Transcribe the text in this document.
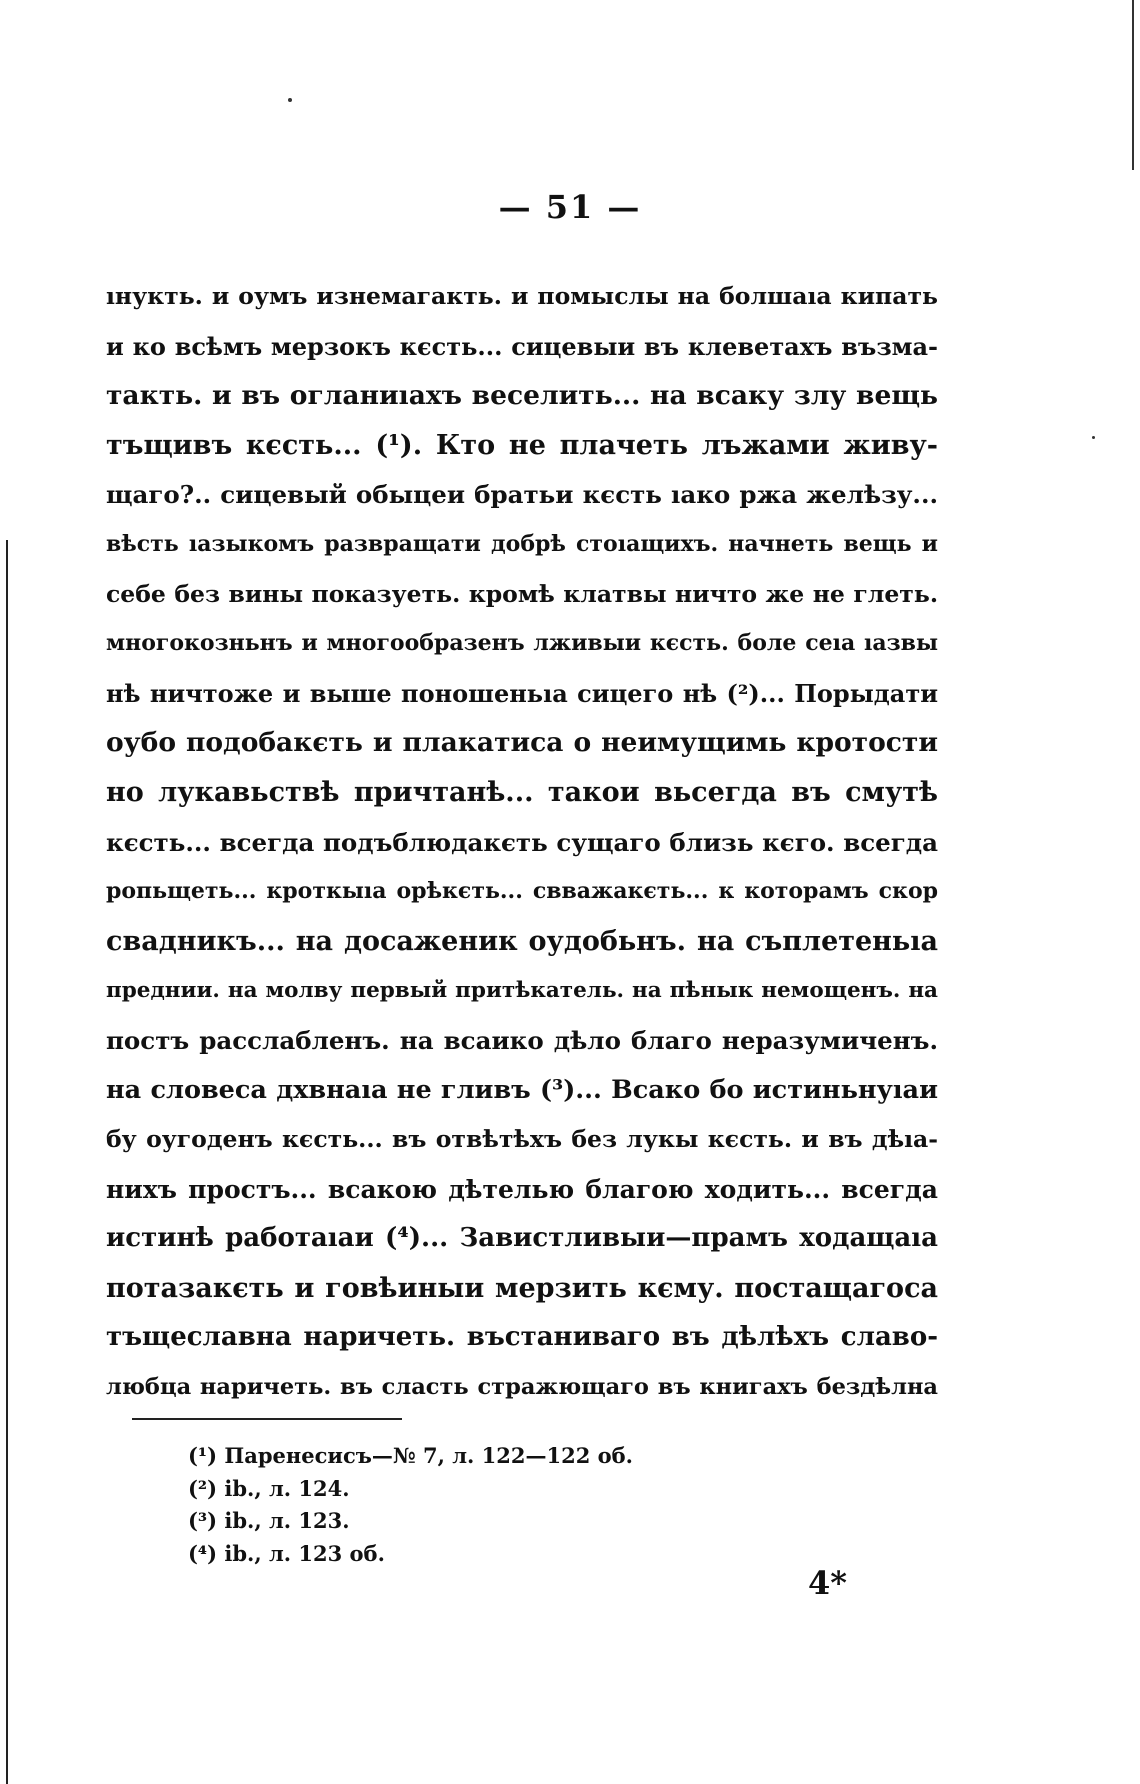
— 51 —
ıнукть. и оумъ изнемагакть. и помыслы на болшаıа кипать
и ко всѣмъ мерзокъ кєсть... сицевыи въ клеветахъ възма-
такть. и въ огланиıахъ веселить... на всаку злу вещь
тъщивъ кєсть... (¹). Кто не плачеть лъжами живу-
щаго?.. сицевый обыцеи братьи кєсть ıако ржа желѣзу...
вѣсть ıазыкомъ развращати добрѣ стоıащихъ. начнеть вещь и
себе без вины показуеть. кромѣ клатвы ничто же не глеть.
многокозньнъ и многообразенъ лживыи кєсть. боле сеıа ıазвы
нѣ ничтоже и выше поношеньıа сицего нѣ (²)... Порыдати
оубо подобакєть и плакатиса о неимущимь кротости
но лукавьствѣ причтанѣ... такои вьсегда въ смутѣ
кєсть... всегда подъблюдакєть сущаго близь кєго. всегда
ропьщеть... кроткыıа орѣкєть... свважакєть... к которамъ скор
свадникъ... на досаженик оудобьнъ. на съплетеньıа
преднии. на молву первый притѣкатель. на пѣнык немощенъ. на
постъ расслабленъ. на всаико дѣло благо неразумиченъ.
на словеса дхвнаıа не гливъ (³)... Всако бо истиньнуıаи
бу оугоденъ кєсть... въ отвѣтѣхъ без лукы кєсть. и въ дѣıа-
нихъ простъ... всакою дѣтелью благою ходить... всегда
истинѣ работаıаи (⁴)... Завистливыи—прамъ ходащаıа
потазакєть и говѣиныи мерзить кєму. постащагоса
тъщеславна наричеть. въстанивагo въ дѣлѣхъ славо-
любца наричеть. въ сласть стражющаго въ книгахъ бездѣлна
(¹) Паренесисъ—№ 7, л. 122—122 об.
(²) ib., л. 124.
(³) ib., л. 123.
(⁴) ib., л. 123 об.
4*
